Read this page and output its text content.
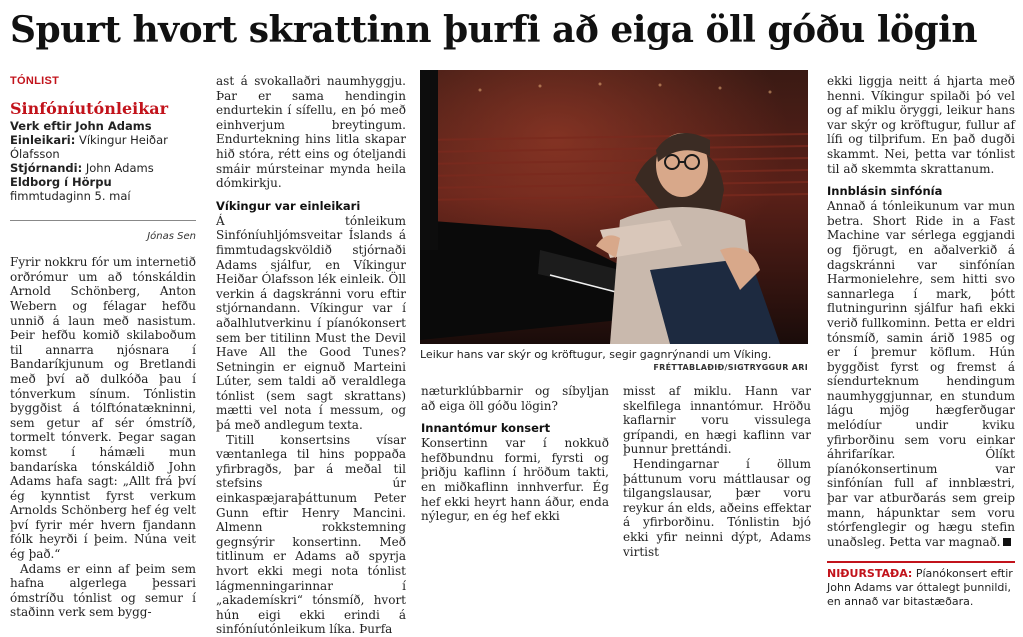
Spurt hvort skrattinn þurfi að eiga öll góðu lögin
TÓNLIST
Sinfóníutónleikar
Verk eftir John Adams
Einleikari: Víkingur Heiðar Ólafsson
Stjórnandi: John Adams
Eldborg í Hörpu
fimmtudaginn 5. maí
Jónas Sen

Fyrir nokkru fór um internetið orðrómur um að tónskáldin Arnold Schönberg, Anton Webern og félagar hefðu unnið á laun með nasistum. Þeir hefðu komið skilaboðum til annarra njósnara í Bandaríkjunum og Bretlandi með því að dulkóða þau í tónverkum sínum. Tónlistin byggðist á tólftónatækninni, sem getur af sér ómstríð, tormelt tónverk. Þegar sagan komst í hámæli mun bandaríska tónskáldið John Adams hafa sagt: „Allt frá því ég kynntist fyrst verkum Arnolds Schönberg hef ég velt því fyrir mér hvern fjandann fólk heyrði í þeim. Núna veit ég það.“

Adams er einn af þeim sem hafna algerlega þessari ómstríðu tónlist og semur í staðinn verk sem bygg-

ast á svokallaðri naumhyggju. Þar er sama hendingin endurtekin í sífellu, en þó með einhverjum breytingum. Endurtekning hins litla skapar hið stóra, rétt eins og óteljandi smáir múrsteinar mynda heila dómkirkju.

Víkingur var einleikari

Á tónleikum Sinfóníuhljómsveitar Íslands á fimmtudagskvöldið stjórnaði Adams sjálfur, en Víkingur Heiðar Ólafsson lék einleik. Öll verkin á dagskránni voru eftir stjórnandann. Víkingur var í aðalhlutverkinu í píanókonsert sem ber titilinn Must the Devil Have All the Good Tunes? Setningin er eignuð Marteini Lúter, sem taldi að veraldlega tónlist (sem sagt skrattans) mætti vel nota í messum, og þá með andlegum texta.

Titill konsertsins vísar væntanlega til hins poppaða yfirbragðs, þar á meðal til stefsins úr einkaspæjaraþáttunum Peter Gunn eftir Henry Mancini. Almenn rokkstemning gegnsýrir konsertinn. Með titlinum er Adams að spyrja hvort ekki megi nota tónlist lágmenningarinnar í „akademískri“ tónsmíð, hvort hún eigi ekki erindi á sinfóníutónleikum líka. Þurfa

Leikur hans var skýr og kröftugur, segir gagnrýnandi um Víking.
FRÉTTABLAÐIÐ/SIGTRYGGUR ARI

næturklúbbarnir og síbyljan að eiga öll góðu lögin?

Innantómur konsert

Konsertinn var í nokkuð hefðbundnu formi, fyrsti og þriðju kaflinn í hröðum takti, en miðkaflinn innhverfur. Ég hef ekki heyrt hann áður, enda nýlegur, en ég hef ekki

misst af miklu. Hann var skelfilega innantómur. Hröðu kaflarnir voru vissulega grípandi, en hægi kaflinn var þunnur þrettándi.

Hendingarnar í öllum þáttunum voru máttlausar og tilgangslausar, þær voru reykur án elds, aðeins effektar á yfirborðinu. Tónlistin bjó ekki yfir neinni dýpt, Adams virtist

ekki liggja neitt á hjarta með henni. Víkingur spilaði þó vel og af miklu öryggi, leikur hans var skýr og kröftugur, fullur af lífi og tilþrifum. En það dugði skammt. Nei, þetta var tónlist til að skemmta skrattanum.

Innblásin sinfónía

Annað á tónleikunum var mun betra. Short Ride in a Fast Machine var sérlega eggjandi og fjörugt, en aðalverkið á dagskránni var sinfónían Harmonielehre, sem hitti svo sannarlega í mark, þótt flutningurinn sjálfur hafi ekki verið fullkominn. Þetta er eldri tónsmíð, samin árið 1985 og er í þremur köflum. Hún byggðist fyrst og fremst á síendurteknum hendingum naumhyggjunnar, en stundum lágu mjög hægferðugar melódíur undir kviku yfirborðinu sem voru einkar áhrifaríkar. Ólíkt píanókonsertinum var sinfónían full af innblæstri, þar var atburðarás sem greip mann, hápunktar sem voru stórfenglegir og hægu stefin unaðsleg. Þetta var magnað.

NIÐURSTAÐA: Píanókonsert eftir John Adams var óttalegt þunnildi, en annað var bitastæðara.
